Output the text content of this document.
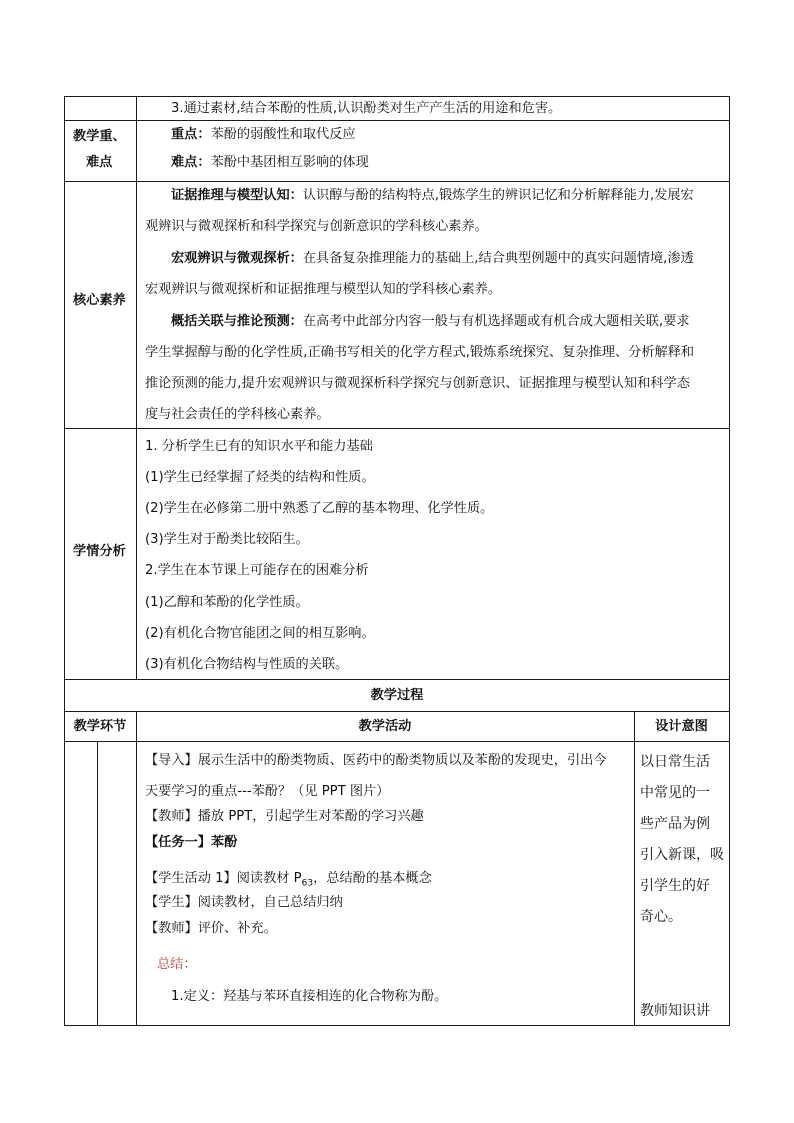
3.通过素材,结合苯酚的性质,认识酚类对生产产生活的用途和危害。
教学重、
难点
重点：苯酚的弱酸性和取代反应
难点：苯酚中基团相互影响的体现
核心素养
证据推理与模型认知：认识醇与酚的结构特点,锻炼学生的辨识记忆和分析解释能力,发展宏
观辨识与微观探析和科学探究与创新意识的学科核心素养。
宏观辨识与微观探析：在具备复杂推理能力的基础上,结合典型例题中的真实问题情境,渗透
宏观辨识与微观探析和证据推理与模型认知的学科核心素养。
概括关联与推论预测：在高考中此部分内容一般与有机选择题或有机合成大题相关联,要求
学生掌握醇与酚的化学性质,正确书写相关的化学方程式,锻炼系统探究、复杂推理、分析解释和
推论预测的能力,提升宏观辨识与微观探析科学探究与创新意识、证据推理与模型认知和科学态
度与社会责任的学科核心素养。
学情分析
1. 分析学生已有的知识水平和能力基础
(1)学生已经掌握了烃类的结构和性质。
(2)学生在必修第二册中熟悉了乙醇的基本物理、化学性质。
(3)学生对于酚类比较陌生。
2.学生在本节课上可能存在的困难分析
(1)乙醇和苯酚的化学性质。
(2)有机化合物官能团之间的相互影响。
(3)有机化合物结构与性质的关联。
教学过程
教学环节	教学活动	设计意图
【导入】展示生活中的酚类物质、医药中的酚类物质以及苯酚的发现史，引出今
天要学习的重点---苯酚？（见 PPT 图片）
【教师】播放 PPT，引起学生对苯酚的学习兴趣
【任务一】苯酚
【学生活动 1】阅读教材 $P_{63}$，总结酚的基本概念
【学生】阅读教材，自己总结归纳
【教师】评价、补充。
总结：
1.定义：羟基与苯环直接相连的化合物称为酚。
以日常生活
中常见的一
些产品为例
引入新课，吸
引学生的好
奇心。
教师知识讲
